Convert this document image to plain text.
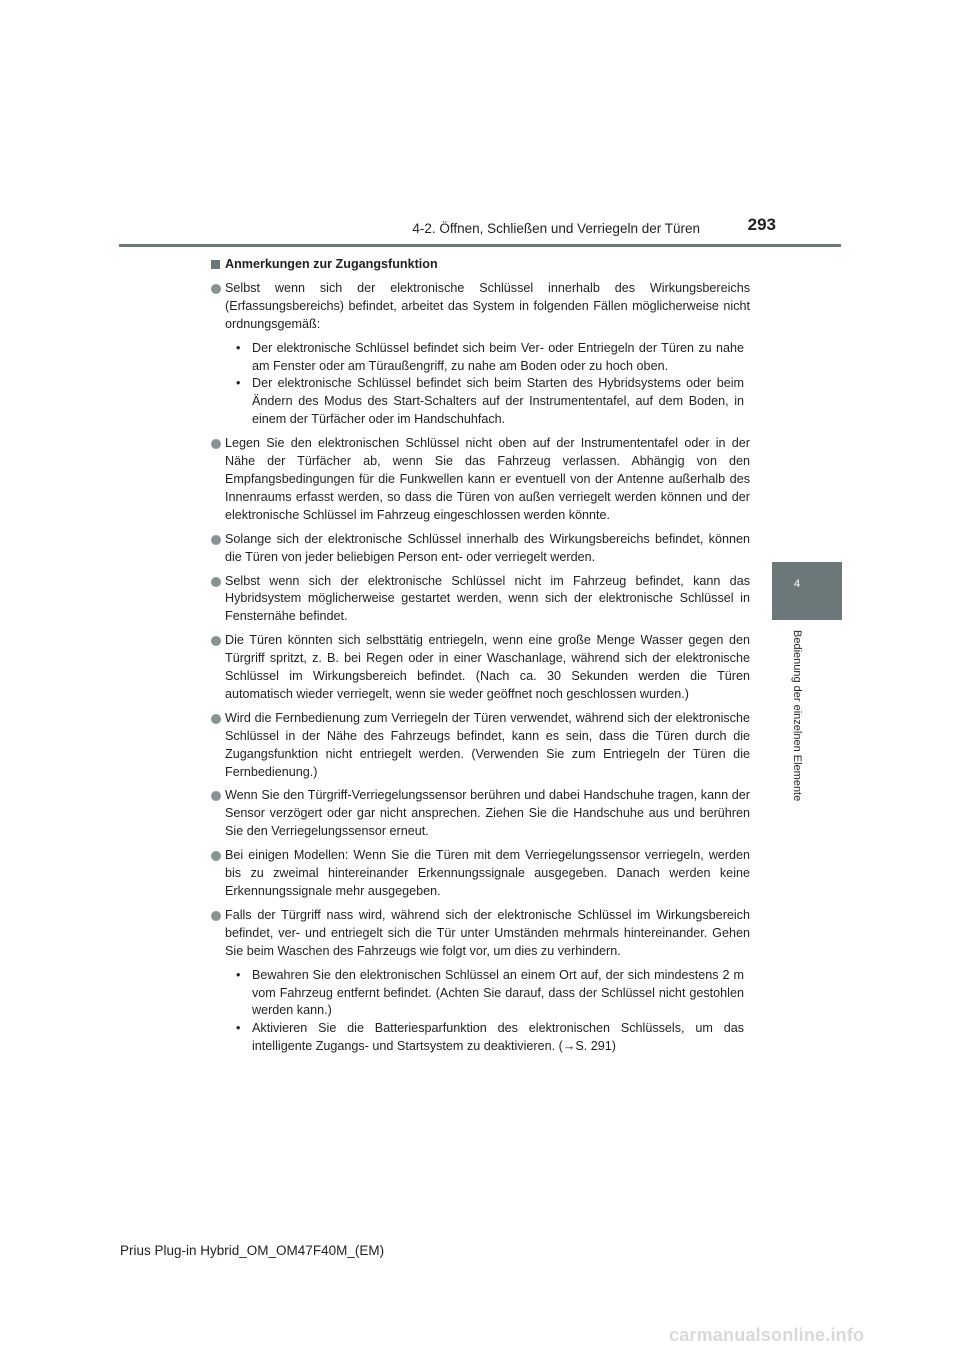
4-2. Öffnen, Schließen und Verriegeln der Türen	293
4
Bedienung der einzelnen Elemente
Anmerkungen zur Zugangsfunktion
Selbst wenn sich der elektronische Schlüssel innerhalb des Wirkungsbereichs (Erfassungsbereichs) befindet, arbeitet das System in folgenden Fällen möglicherweise nicht ordnungsgemäß:
• Der elektronische Schlüssel befindet sich beim Ver- oder Entriegeln der Türen zu nahe am Fenster oder am Türaußengriff, zu nahe am Boden oder zu hoch oben.
• Der elektronische Schlüssel befindet sich beim Starten des Hybridsystems oder beim Ändern des Modus des Start-Schalters auf der Instrumententafel, auf dem Boden, in einem der Türfächer oder im Handschuhfach.
Legen Sie den elektronischen Schlüssel nicht oben auf der Instrumententafel oder in der Nähe der Türfächer ab, wenn Sie das Fahrzeug verlassen. Abhängig von den Empfangsbedingungen für die Funkwellen kann er eventuell von der Antenne außerhalb des Innenraums erfasst werden, so dass die Türen von außen verriegelt werden können und der elektronische Schlüssel im Fahrzeug eingeschlossen werden könnte.
Solange sich der elektronische Schlüssel innerhalb des Wirkungsbereichs befindet, können die Türen von jeder beliebigen Person ent- oder verriegelt werden.
Selbst wenn sich der elektronische Schlüssel nicht im Fahrzeug befindet, kann das Hybridsystem möglicherweise gestartet werden, wenn sich der elektronische Schlüssel in Fensternähe befindet.
Die Türen könnten sich selbsttätig entriegeln, wenn eine große Menge Wasser gegen den Türgriff spritzt, z. B. bei Regen oder in einer Waschanlage, während sich der elektronische Schlüssel im Wirkungsbereich befindet. (Nach ca. 30 Sekunden werden die Türen automatisch wieder verriegelt, wenn sie weder geöffnet noch geschlossen wurden.)
Wird die Fernbedienung zum Verriegeln der Türen verwendet, während sich der elektronische Schlüssel in der Nähe des Fahrzeugs befindet, kann es sein, dass die Türen durch die Zugangsfunktion nicht entriegelt werden. (Verwenden Sie zum Entriegeln der Türen die Fernbedienung.)
Wenn Sie den Türgriff-Verriegelungssensor berühren und dabei Handschuhe tragen, kann der Sensor verzögert oder gar nicht ansprechen. Ziehen Sie die Handschuhe aus und berühren Sie den Verriegelungssensor erneut.
Bei einigen Modellen: Wenn Sie die Türen mit dem Verriegelungssensor verriegeln, werden bis zu zweimal hintereinander Erkennungssignale ausgegeben. Danach werden keine Erkennungssignale mehr ausgegeben.
Falls der Türgriff nass wird, während sich der elektronische Schlüssel im Wirkungsbereich befindet, ver- und entriegelt sich die Tür unter Umständen mehrmals hintereinander. Gehen Sie beim Waschen des Fahrzeugs wie folgt vor, um dies zu verhindern.
• Bewahren Sie den elektronischen Schlüssel an einem Ort auf, der sich mindestens 2 m vom Fahrzeug entfernt befindet. (Achten Sie darauf, dass der Schlüssel nicht gestohlen werden kann.)
• Aktivieren Sie die Batteriesparfunktion des elektronischen Schlüssels, um das intelligente Zugangs- und Startsystem zu deaktivieren. (→S. 291)
Prius Plug-in Hybrid_OM_OM47F40M_(EM)
carmanualsonline.info
